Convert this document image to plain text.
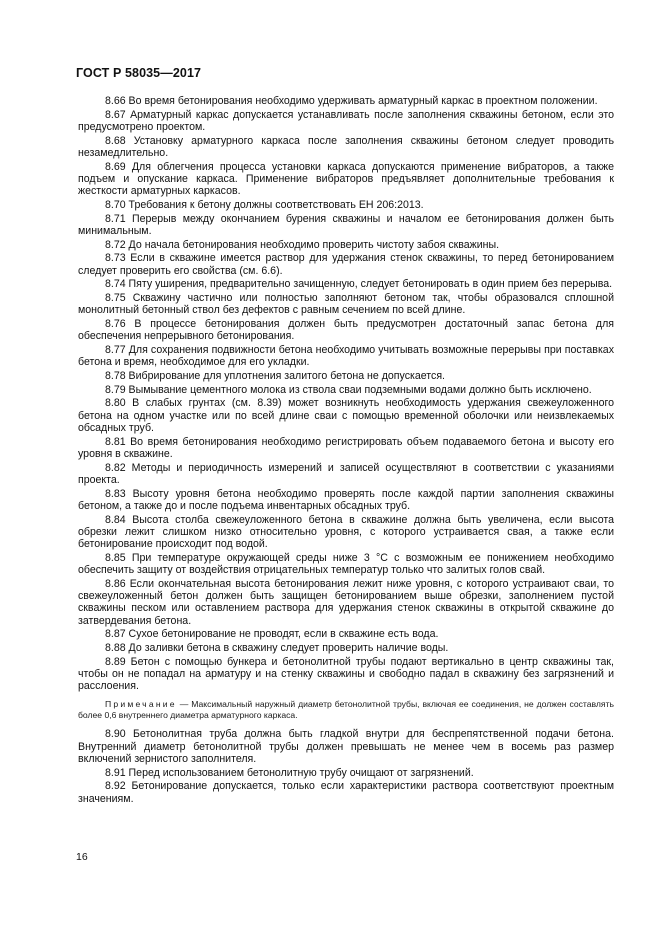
ГОСТ Р 58035—2017

8.66 Во время бетонирования необходимо удерживать арматурный каркас в проектном положении.

8.67 Арматурный каркас допускается устанавливать после заполнения скважины бетоном, если это предусмотрено проектом.

8.68 Установку арматурного каркаса после заполнения скважины бетоном следует проводить незамедлительно.

8.69 Для облегчения процесса установки каркаса допускаются применение вибраторов, а также подъем и опускание каркаса. Применение вибраторов предъявляет дополнительные требования к жесткости арматурных каркасов.

8.70 Требования к бетону должны соответствовать ЕН 206:2013.

8.71 Перерыв между окончанием бурения скважины и началом ее бетонирования должен быть минимальным.

8.72 До начала бетонирования необходимо проверить чистоту забоя скважины.

8.73 Если в скважине имеется раствор для удержания стенок скважины, то перед бетонированием следует проверить его свойства (см. 6.6).

8.74 Пяту уширения, предварительно зачищенную, следует бетонировать в один прием без перерыва.

8.75 Скважину частично или полностью заполняют бетоном так, чтобы образовался сплошной монолитный бетонный ствол без дефектов с равным сечением по всей длине.

8.76 В процессе бетонирования должен быть предусмотрен достаточный запас бетона для обеспечения непрерывного бетонирования.

8.77 Для сохранения подвижности бетона необходимо учитывать возможные перерывы при поставках бетона и время, необходимое для его укладки.

8.78 Вибрирование для уплотнения залитого бетона не допускается.

8.79 Вымывание цементного молока из ствола сваи подземными водами должно быть исключено.

8.80 В слабых грунтах (см. 8.39) может возникнуть необходимость удержания свежеуложенного бетона на одном участке или по всей длине сваи с помощью временной оболочки или неизвлекаемых обсадных труб.

8.81 Во время бетонирования необходимо регистрировать объем подаваемого бетона и высоту его уровня в скважине.

8.82 Методы и периодичность измерений и записей осуществляют в соответствии с указаниями проекта.

8.83 Высоту уровня бетона необходимо проверять после каждой партии заполнения скважины бетоном, а также до и после подъема инвентарных обсадных труб.

8.84 Высота столба свежеуложенного бетона в скважине должна быть увеличена, если высота обрезки лежит слишком низко относительно уровня, с которого устраивается свая, а также если бетонирование происходит под водой.

8.85 При температуре окружающей среды ниже 3 °С с возможным ее понижением необходимо обеспечить защиту от воздействия отрицательных температур только что залитых голов свай.

8.86 Если окончательная высота бетонирования лежит ниже уровня, с которого устраивают сваи, то свежеуложенный бетон должен быть защищен бетонированием выше обрезки, заполнением пустой скважины песком или оставлением раствора для удержания стенок скважины в открытой скважине до затвердевания бетона.

8.87 Сухое бетонирование не проводят, если в скважине есть вода.

8.88 До заливки бетона в скважину следует проверить наличие воды.

8.89 Бетон с помощью бункера и бетонолитной трубы подают вертикально в центр скважины так, чтобы он не попадал на арматуру и на стенку скважины и свободно падал в скважину без загрязнений и расслоения.

Примечание — Максимальный наружный диаметр бетонолитной трубы, включая ее соединения, не должен составлять более 0,6 внутреннего диаметра арматурного каркаса.

8.90 Бетонолитная труба должна быть гладкой внутри для беспрепятственной подачи бетона. Внутренний диаметр бетонолитной трубы должен превышать не менее чем в восемь раз размер включений зернистого заполнителя.

8.91 Перед использованием бетонолитную трубу очищают от загрязнений.

8.92 Бетонирование допускается, только если характеристики раствора соответствуют проектным значениям.

16
